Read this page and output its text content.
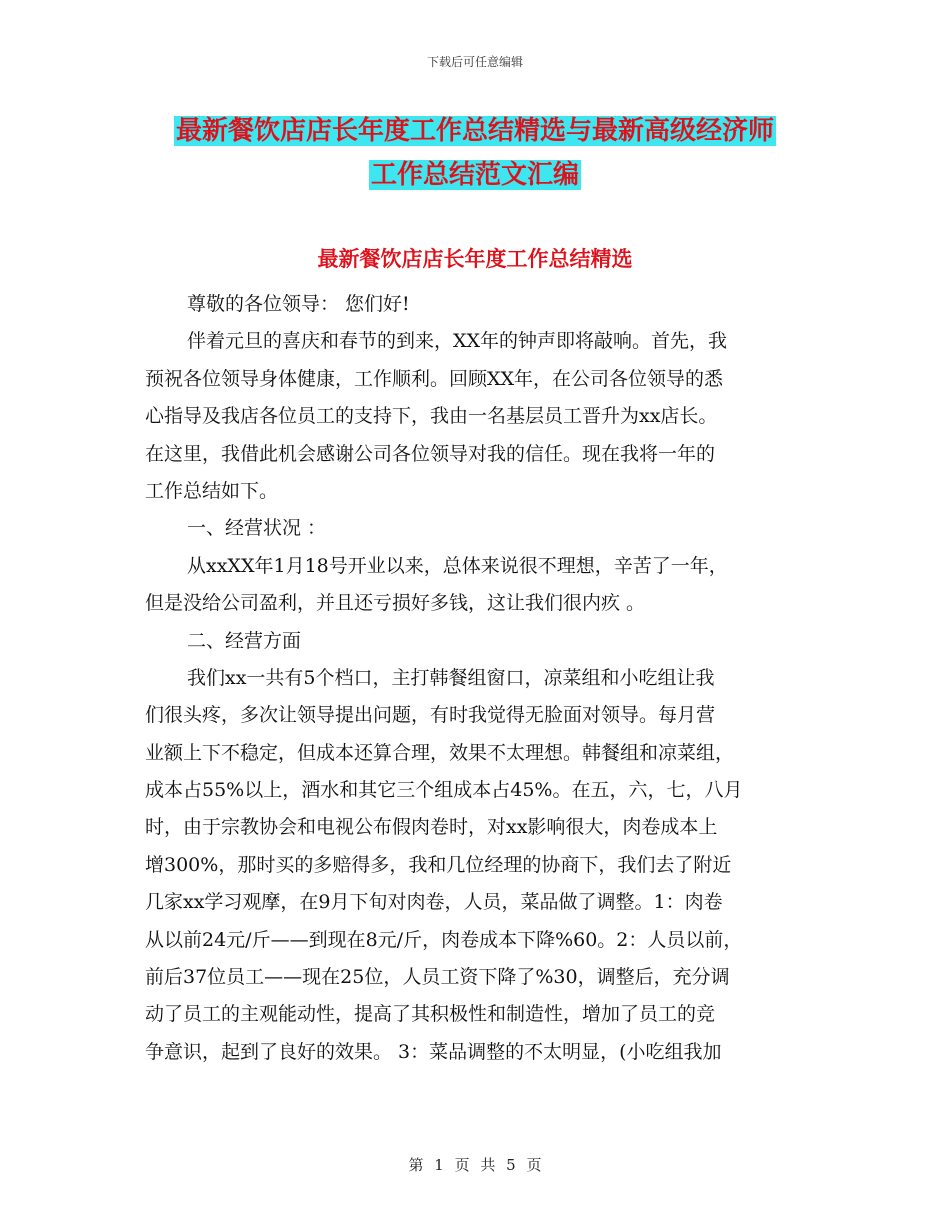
下载后可任意编辑
最新餐饮店店长年度工作总结精选与最新高级经济师
工作总结范文汇编
最新餐饮店店长年度工作总结精选
尊敬的各位领导： 您们好!
伴着元旦的喜庆和春节的到来，XX年的钟声即将敲响。首先，我
预祝各位领导身体健康，工作顺利。回顾XX年，在公司各位领导的悉
心指导及我店各位员工的支持下，我由一名基层员工晋升为xx店长。
在这里，我借此机会感谢公司各位领导对我的信任。现在我将一年的
工作总结如下。
一、经营状况 ：
从xxXX年1月18号开业以来，总体来说很不理想，辛苦了一年，
但是没给公司盈利，并且还亏损好多钱，这让我们很内疚 。
二、经营方面
我们xx一共有5个档口，主打韩餐组窗口，凉菜组和小吃组让我
们很头疼，多次让领导提出问题，有时我觉得无脸面对领导。每月营
业额上下不稳定，但成本还算合理，效果不太理想。韩餐组和凉菜组，
成本占55%以上，酒水和其它三个组成本占45%。在五，六，七，八月
时，由于宗教协会和电视公布假肉卷时，对xx影响很大，肉卷成本上
增300%，那时买的多赔得多，我和几位经理的协商下，我们去了附近
几家xx学习观摩，在9月下旬对肉卷，人员，菜品做了调整。1：肉卷
从以前24元/斤——到现在8元/斤，肉卷成本下降%60。2：人员以前，
前后37位员工——现在25位，人员工资下降了%30，调整后，充分调
动了员工的主观能动性，提高了其积极性和制造性，增加了员工的竞
争意识，起到了良好的效果。 3：菜品调整的不太明显，(小吃组我加
第 1 页 共 5 页
